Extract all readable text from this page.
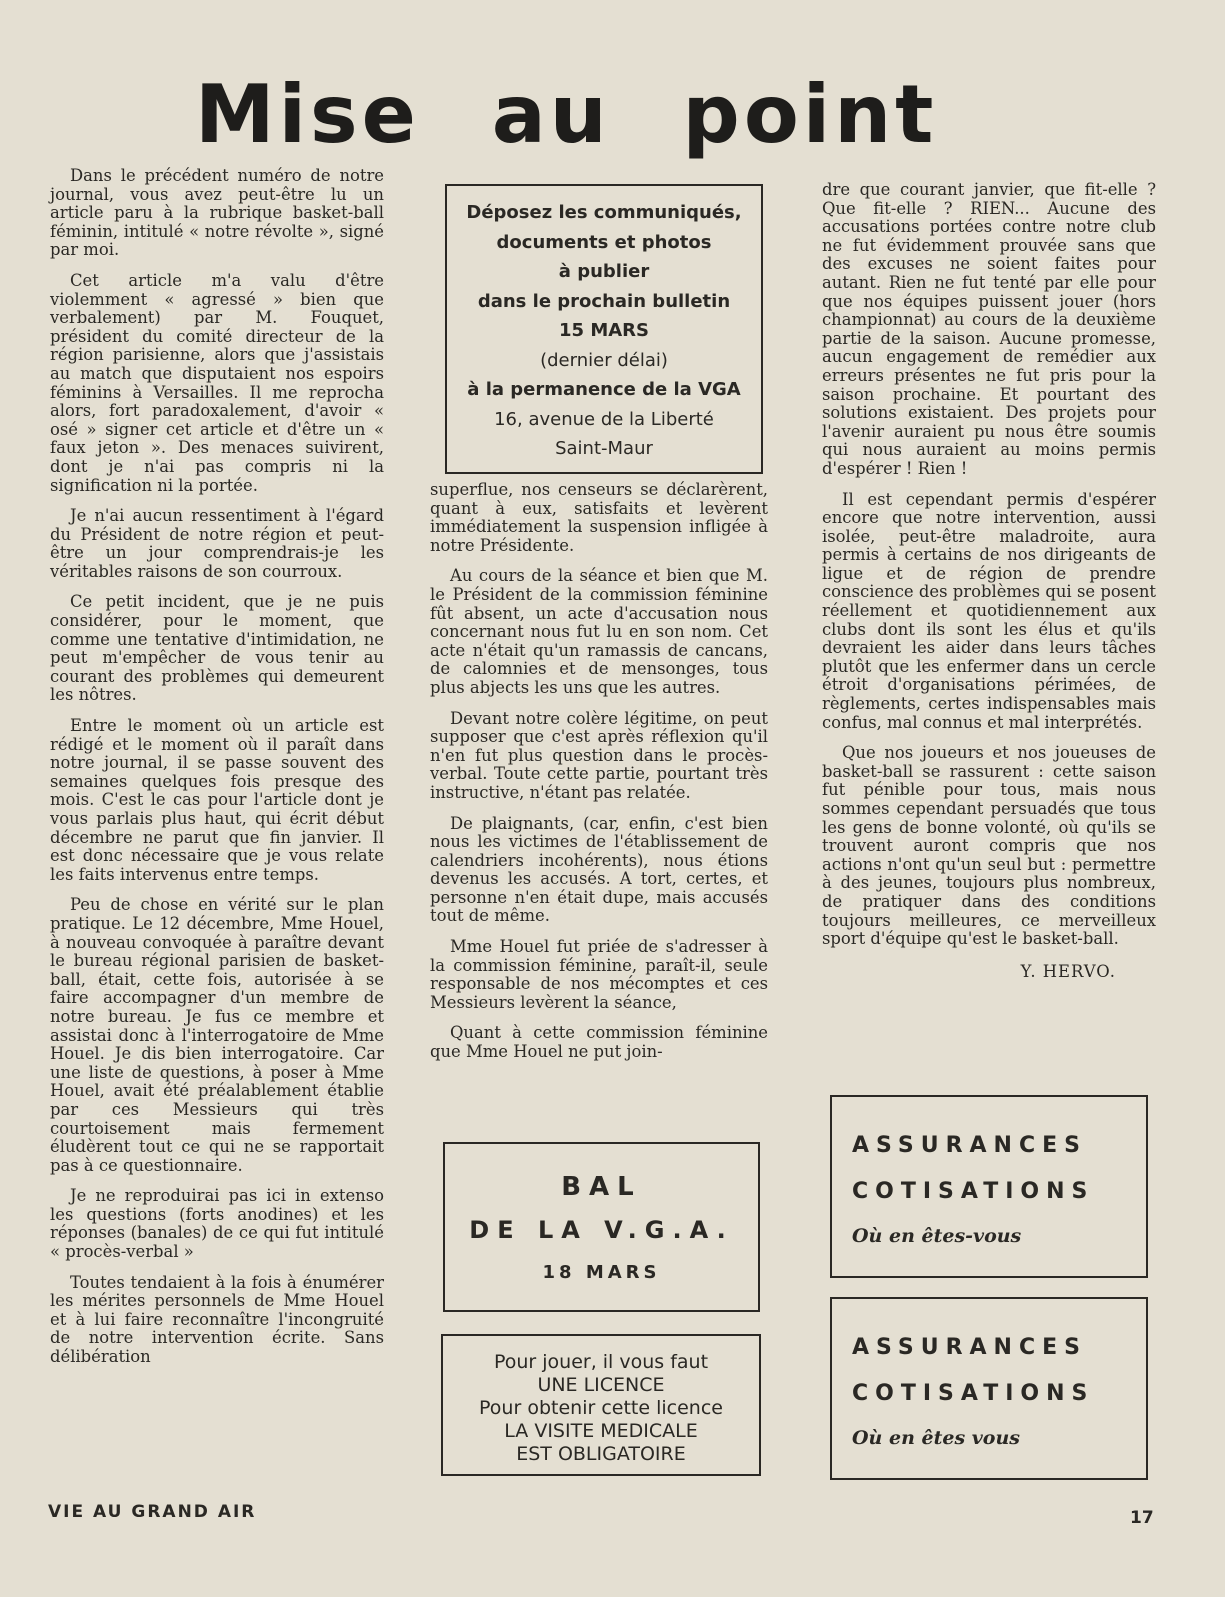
Mise au point

Dans le précédent numéro de notre journal, vous avez peut-être lu un article paru à la rubrique basket-ball féminin, intitulé « notre révolte », signé par moi.

Cet article m'a valu d'être violemment « agressé » bien que verbalement) par M. Fouquet, président du comité directeur de la région parisienne, alors que j'assistais au match que disputaient nos espoirs féminins à Versailles. Il me reprocha alors, fort paradoxalement, d'avoir « osé » signer cet article et d'être un « faux jeton ». Des menaces suivirent, dont je n'ai pas compris ni la signification ni la portée.

Je n'ai aucun ressentiment à l'égard du Président de notre région et peut-être un jour comprendrais-je les véritables raisons de son courroux.

Ce petit incident, que je ne puis considérer, pour le moment, que comme une tentative d'intimidation, ne peut m'empêcher de vous tenir au courant des problèmes qui demeurent les nôtres.

Entre le moment où un article est rédigé et le moment où il paraît dans notre journal, il se passe souvent des semaines quelques fois presque des mois. C'est le cas pour l'article dont je vous parlais plus haut, qui écrit début décembre ne parut que fin janvier. Il est donc nécessaire que je vous relate les faits intervenus entre temps.

Peu de chose en vérité sur le plan pratique. Le 12 décembre, Mme Houel, à nouveau convoquée à paraître devant le bureau régional parisien de basket-ball, était, cette fois, autorisée à se faire accompagner d'un membre de notre bureau. Je fus ce membre et assistai donc à l'interrogatoire de Mme Houel. Je dis bien interrogatoire. Car une liste de questions, à poser à Mme Houel, avait été préalablement établie par ces Messieurs qui très courtoisement mais fermement éludèrent tout ce qui ne se rapportait pas à ce questionnaire.

Je ne reproduirai pas ici in extenso les questions (forts anodines) et les réponses (banales) de ce qui fut intitulé « procès-verbal »

Toutes tendaient à la fois à énumérer les mérites personnels de Mme Houel et à lui faire reconnaître l'incongruité de notre intervention écrite. Sans délibération

Déposez les communiqués,
documents et photos
à publier
dans le prochain bulletin
15 MARS
(dernier délai)
à la permanence de la VGA
16, avenue de la Liberté
Saint-Maur

superflue, nos censeurs se déclarèrent, quant à eux, satisfaits et levèrent immédiatement la suspension infligée à notre Présidente.

Au cours de la séance et bien que M. le Président de la commission féminine fût absent, un acte d'accusation nous concernant nous fut lu en son nom. Cet acte n'était qu'un ramassis de cancans, de calomnies et de mensonges, tous plus abjects les uns que les autres.

Devant notre colère légitime, on peut supposer que c'est après réflexion qu'il n'en fut plus question dans le procès-verbal. Toute cette partie, pourtant très instructive, n'étant pas relatée.

De plaignants, (car, enfin, c'est bien nous les victimes de l'établissement de calendriers incohérents), nous étions devenus les accusés. A tort, certes, et personne n'en était dupe, mais accusés tout de même.

Mme Houel fut priée de s'adresser à la commission féminine, paraît-il, seule responsable de nos mécomptes et ces Messieurs levèrent la séance,

Quant à cette commission féminine que Mme Houel ne put join-

BAL
DE LA V.G.A.
18 MARS
Pour jouer, il vous faut
UNE LICENCE
Pour obtenir cette licence
LA VISITE MEDICALE
EST OBLIGATOIRE

dre que courant janvier, que fit-elle ? Que fit-elle ? RIEN... Aucune des accusations portées contre notre club ne fut évidemment prouvée sans que des excuses ne soient faites pour autant. Rien ne fut tenté par elle pour que nos équipes puissent jouer (hors championnat) au cours de la deuxième partie de la saison. Aucune promesse, aucun engagement de remédier aux erreurs présentes ne fut pris pour la saison prochaine. Et pourtant des solutions existaient. Des projets pour l'avenir auraient pu nous être soumis qui nous auraient au moins permis d'espérer ! Rien !

Il est cependant permis d'espérer encore que notre intervention, aussi isolée, peut-être maladroite, aura permis à certains de nos dirigeants de ligue et de région de prendre conscience des problèmes qui se posent réellement et quotidiennement aux clubs dont ils sont les élus et qu'ils devraient les aider dans leurs tâches plutôt que les enfermer dans un cercle étroit d'organisations périmées, de règlements, certes indispensables mais confus, mal connus et mal interprétés.

Que nos joueurs et nos joueuses de basket-ball se rassurent : cette saison fut pénible pour tous, mais nous sommes cependant persuadés que tous les gens de bonne volonté, où qu'ils se trouvent auront compris que nos actions n'ont qu'un seul but : permettre à des jeunes, toujours plus nombreux, de pratiquer dans des conditions toujours meilleures, ce merveilleux sport d'équipe qu'est le basket-ball.

Y. HERVO.
ASSURANCES
COTISATIONS
Où en êtes-vous
ASSURANCES
COTISATIONS
Où en êtes vous
VIE AU GRAND AIR	17
